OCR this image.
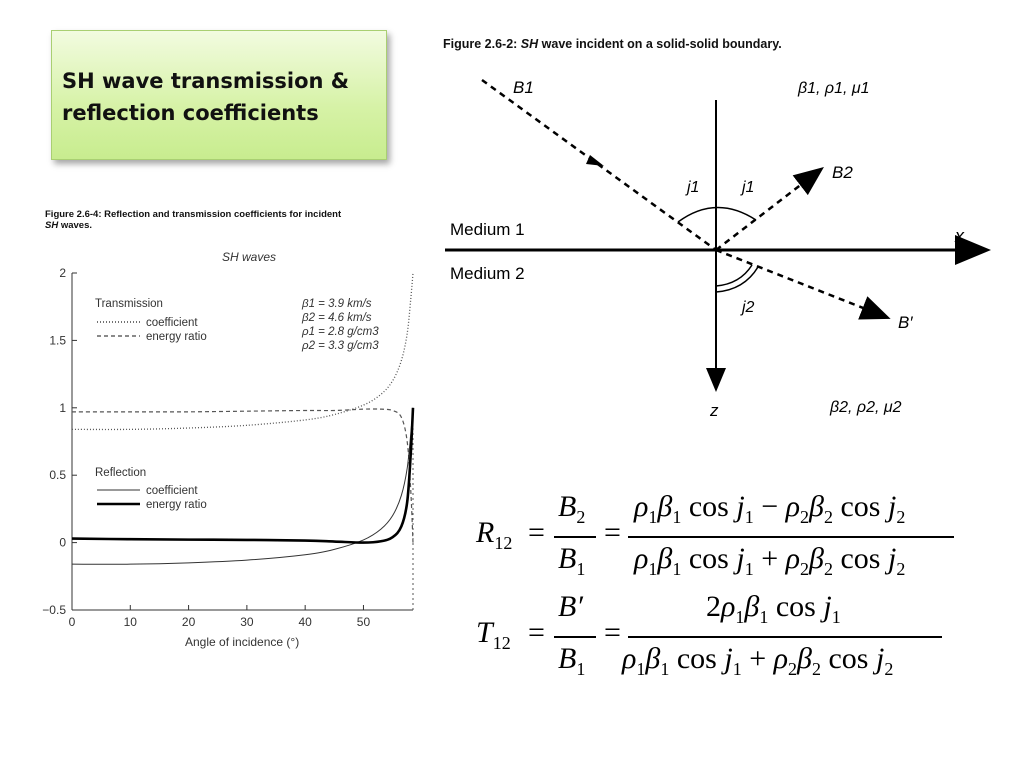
SH wave transmission & reflection coefficients
Figure 2.6-2: SH wave incident on a solid-solid boundary.
Figure 2.6-4: Reflection and transmission coefficients for incident
SH waves.
B1	β1, ρ1, μ1
B2
j1	j1
Medium 1
Medium 2
x
j2
B′
z	β2, ρ2, μ2
SH waves
−0.5
0
0.5
1
1.5
2
0	10	20	30	40	50
Transmission
coefficient
energy ratio
Reflection
coefficient
energy ratio
β1 = 3.9 km/s
β2 = 4.6 km/s
ρ1 = 2.8 g/cm3
ρ2 = 3.3 g/cm3
Angle of incidence (°)
$R_{12}$ =
$B_2$
$B_1$
=
$\rho_1\beta_1$ $\cos j_1 - \rho_2\beta_2$ $\cos j_2$
$\rho_1\beta_1$ $\cos j_1 + \rho_2\beta_2$ $\cos j_2$
$T_{12}$ =
B′
$B_1$
=
$2\rho_1\beta_1$ $\cos j_1$
$\rho_1\beta_1$ $\cos j_1 + \rho_2\beta_2$ $\cos j_2$
